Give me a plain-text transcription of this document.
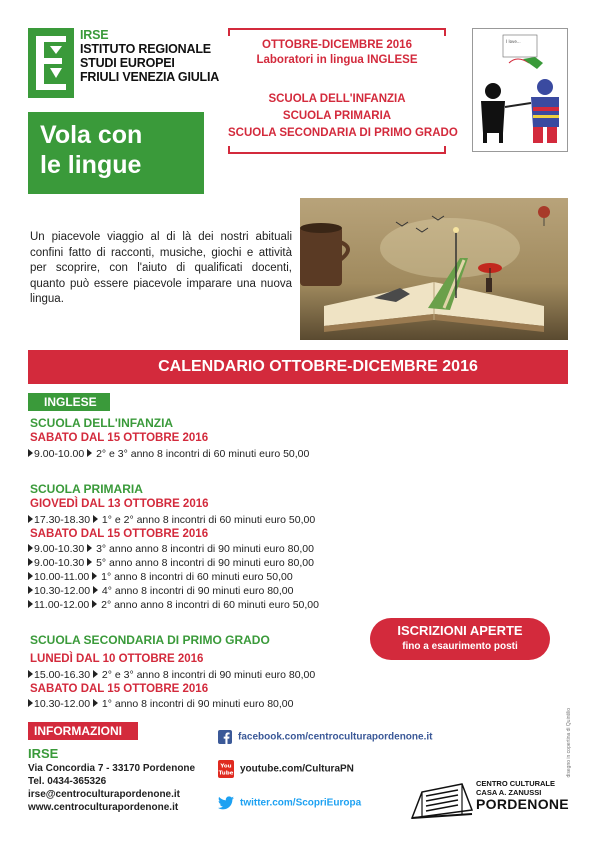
IRSE
ISTITUTO REGIONALE
STUDI EUROPEI
FRIULI VENEZIA GIULIA
Vola con
le lingue
OTTOBRE-DICEMBRE 2016
Laboratori in lingua INGLESE
SCUOLA DELL'INFANZIA
SCUOLA PRIMARIA
SCUOLA SECONDARIA DI PRIMO GRADO
I love...
Un piacevole viaggio al di là dei nostri abituali confini fatto di racconti, musiche, giochi e attività per scoprire, con l'aiuto di qualificati docenti, quanto può essere piacevole imparare una nuova lingua.
CALENDARIO OTTOBRE-DICEMBRE 2016
INGLESE
SCUOLA DELL'INFANZIA
SABATO DAL 15 OTTOBRE 2016
9.00-10.00 2° e 3° anno 8 incontri di 60 minuti euro 50,00
SCUOLA PRIMARIA
GIOVEDÌ DAL 13 OTTOBRE 2016
17.30-18.30 1° e 2° anno 8 incontri di 60 minuti euro 50,00
SABATO DAL 15 OTTOBRE 2016
9.00-10.30 3° anno anno 8 incontri di 90 minuti euro 80,00
9.00-10.30 5° anno anno 8 incontri di 90 minuti euro 80,00
10.00-11.00 1° anno 8 incontri di 60 minuti euro 50,00
10.30-12.00 4° anno 8 incontri di 90 minuti euro 80,00
11.00-12.00 2° anno anno 8 incontri di 60 minuti euro 50,00
SCUOLA SECONDARIA DI PRIMO GRADO
LUNEDÌ DAL 10 OTTOBRE 2016
15.00-16.30 2° e 3° anno 8 incontri di 90 minuti euro 80,00
SABATO DAL 15 OTTOBRE 2016
10.30-12.00 1° anno 8 incontri di 90 minuti euro 80,00
ISCRIZIONI APERTE
fino a esaurimento posti
INFORMAZIONI
IRSE
Via Concordia 7 - 33170 Pordenone
Tel. 0434-365326
irse@centroculturapordenone.it
www.centroculturapordenone.it
facebook.com/centroculturapordenone.it
You
Tube youtube.com/CulturaPN
twitter.com/ScopriEuropa
disegno in copertina di Quintilio
CENTRO CULTURALE
CASA A. ZANUSSI
PORDENONE
